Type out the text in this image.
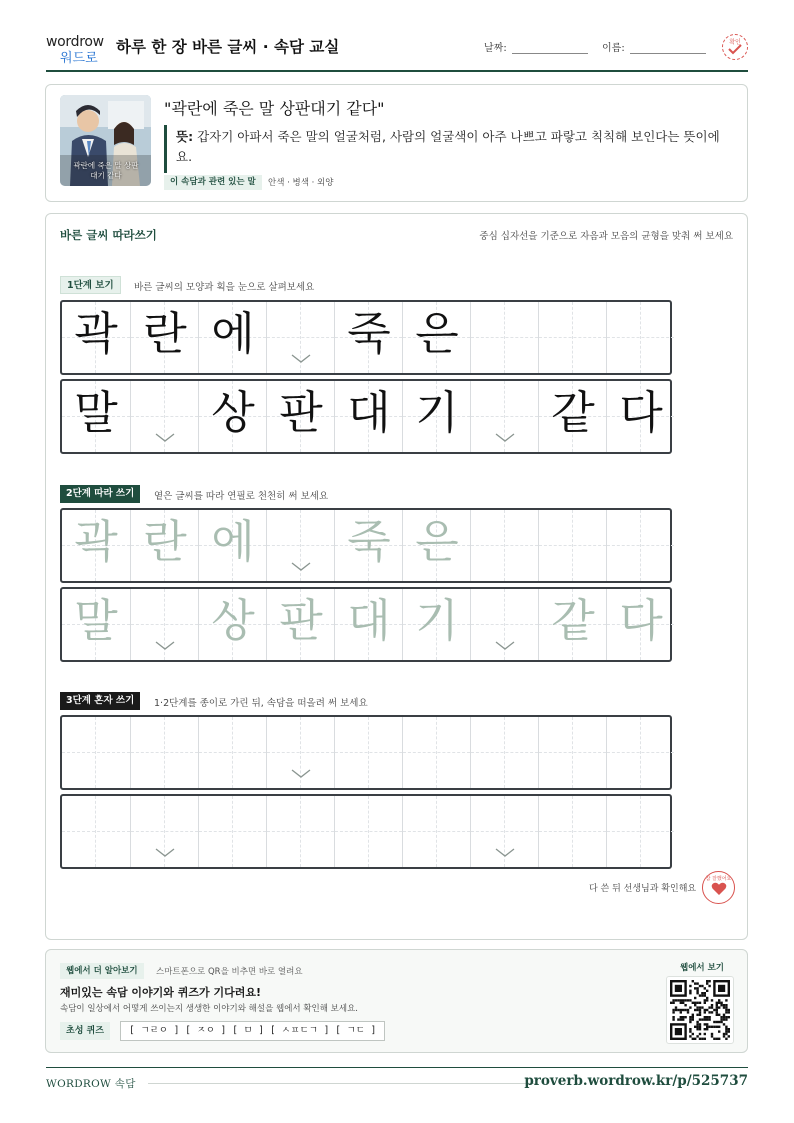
wordrow
워드로
하루 한 장 바른 글씨 · 속담 교실	날짜:	이름:
확인
곽란에 죽은 말 상판대기 같다
"곽란에 죽은 말 상판대기 같다"
뜻: 갑자기 아파서 죽은 말의 얼굴처럼, 사람의 얼굴색이 아주 나쁘고 파랗고 칙칙해 보인다는 뜻이에요.
이 속담과 관련 있는 말	안색 · 병색 · 외양
바른 글씨 따라쓰기	중심 십자선을 기준으로 자음과 모음의 균형을 맞춰 써 보세요
1단계 보기	바른 글씨의 모양과 획을 눈으로 살펴보세요
곽 란 에 죽 은
말 상 판 대 기 같 다
2단계 따라 쓰기	옅은 글씨를 따라 연필로 천천히 써 보세요
곽 란 에 죽 은
말 상 판 대 기 같 다
3단계 혼자 쓰기	1·2단계를 종이로 가린 뒤, 속담을 떠올려 써 보세요
다 쓴 뒤 선생님과 확인해요
참 잘했어요
웹에서 더 알아보기	스마트폰으로 QR을 비추면 바로 열려요
재미있는 속담 이야기와 퀴즈가 기다려요!
속담이 일상에서 어떻게 쓰이는지 생생한 이야기와 해설을 웹에서 확인해 보세요.
초성 퀴즈	[ ㄱㄹㅇ ] [ ㅈㅇ ] [ ㅁ ] [ ㅅㅍㄷㄱ ] [ ㄱㄷ ]
웹에서 보기
WORDROW 속담	proverb.wordrow.kr/p/525737
